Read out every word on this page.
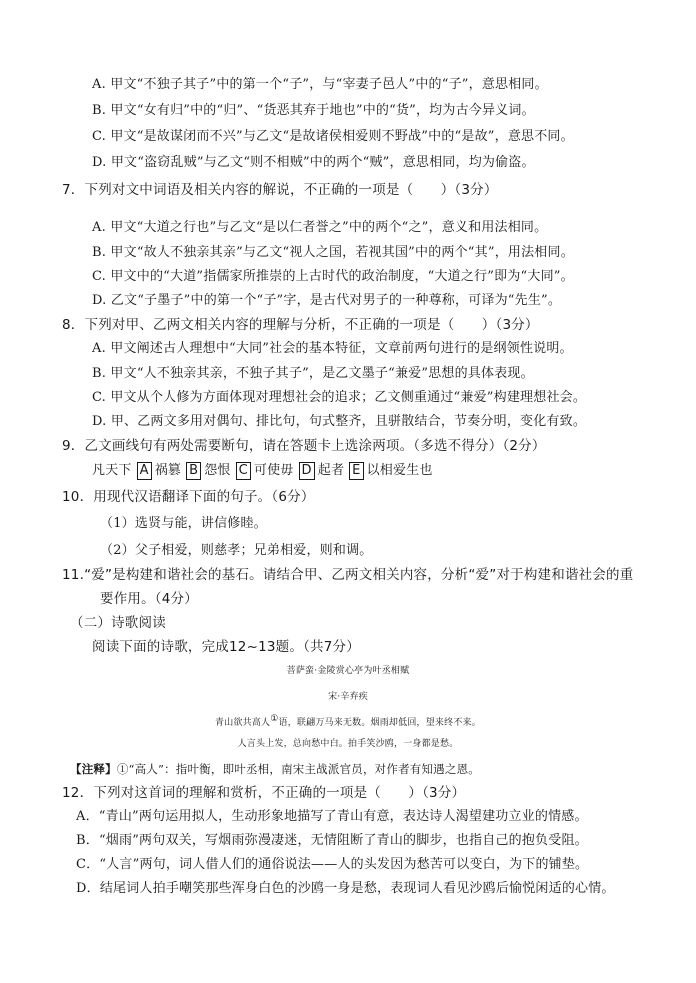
A. 甲文“不独子其子”中的第一个“子”，与“宰妻子邑人”中的“子”，意思相同。
B. 甲文“女有归”中的“归”、“货恶其弃于地也”中的“货”，均为古今异义词。
C. 甲文“是故谋闭而不兴”与乙文“是故诸侯相爱则不野战”中的“是故”，意思不同。
D. 甲文“盗窃乱贼”与乙文“则不相贼”中的两个“贼”，意思相同，均为偷盗。
7．下列对文中词语及相关内容的解说，不正确的一项是（　　）（3分）
A. 甲文“大道之行也”与乙文“是以仁者誉之”中的两个“之”，意义和用法相同。
B. 甲文“故人不独亲其亲”与乙文“视人之国，若视其国”中的两个“其”，用法相同。
C. 甲文中的“大道”指儒家所推崇的上古时代的政治制度，“大道之行”即为“大同”。
D. 乙文“子墨子”中的第一个“子”字，是古代对男子的一种尊称，可译为“先生”。
8．下列对甲、乙两文相关内容的理解与分析，不正确的一项是（　　）（3分）
A. 甲文阐述古人理想中“大同”社会的基本特征，文章前两句进行的是纲领性说明。
B. 甲文“人不独亲其亲，不独子其子”，是乙文墨子“兼爱”思想的具体表现。
C. 甲文从个人修为方面体现对理想社会的追求；乙文侧重通过“兼爱”构建理想社会。
D. 甲、乙两文多用对偶句、排比句，句式整齐，且骈散结合，节奏分明，变化有致。
9．乙文画线句有两处需要断句，请在答题卡上选涂两项。（多选不得分）（2分）
凡天下 A 祸篡 B 怨恨 C 可使毋 D 起者 E 以相爱生也
10．用现代汉语翻译下面的句子。（6分）
（1）选贤与能，讲信修睦。
（2）父子相爱，则慈孝；兄弟相爱，则和调。
11.“爱”是构建和谐社会的基石。请结合甲、乙两文相关内容，分析“爱”对于构建和谐社会的重
要作用。（4分）
（二）诗歌阅读
阅读下面的诗歌，完成12~13题。（共7分）
菩萨蛮·金陵赏心亭为叶丞相赋
宋·辛弃疾
青山欲共高人①语，联翩万马来无数。烟雨却低回，望来终不来。
人言头上发，总向愁中白。拍手笑沙鸥，一身都是愁。
【注释】①“高人”：指叶衡，即叶丞相，南宋主战派官员，对作者有知遇之恩。
12．下列对这首词的理解和赏析，不正确的一项是（　　）（3分）
A．“青山”两句运用拟人，生动形象地描写了青山有意，表达诗人渴望建功立业的情感。
B．“烟雨”两句双关，写烟雨弥漫凄迷，无情阻断了青山的脚步，也指自己的抱负受阻。
C．“人言”两句，词人借人们的通俗说法——人的头发因为愁苦可以变白，为下的铺垫。
D．结尾词人拍手嘲笑那些浑身白色的沙鸥一身是愁，表现词人看见沙鸥后愉悦闲适的心情。
